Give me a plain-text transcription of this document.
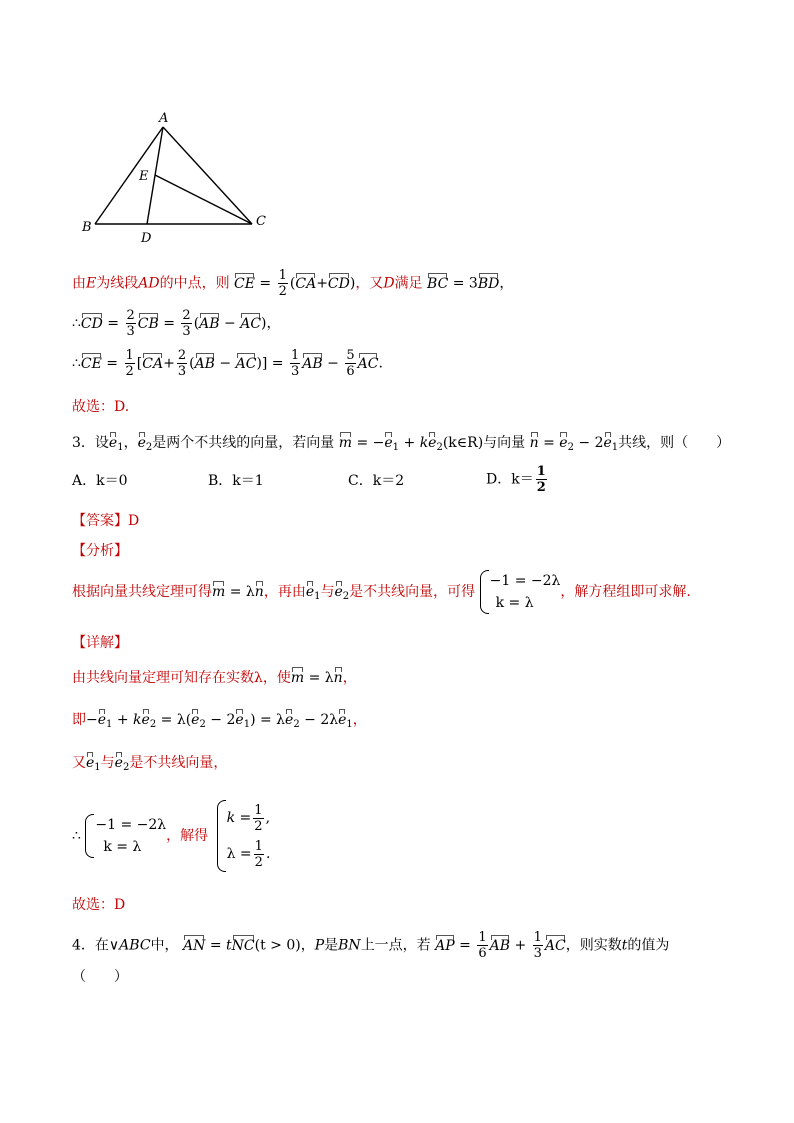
A
B	C
D
E
由E为线段AD的中点，则 CE = $\frac{1}{2} (CA+CD)$，又D满足 BC = 3BD，
∴CD = $\frac{2}{3}$ CB = $\frac{2}{3} (AB - AC)$，
∴CE = $\frac{1}{2} [CA+ \frac{2}{3} (AB - AC)] = \frac{1}{3}$ AB − $\frac{5}{6}$ AC.
故选：D.
3．设$e_1$，$e_2$是两个不共线的向量，若向量 $m = -e_1$ + $ke_2(k\in R)$与向量 $n = e_2 - 2e_1$共线，则（　　）
A．k＝0	B．k＝1	C．k＝2	D．$k= \frac{1}{2}$
【答案】D
【分析】
根据向量共线定理可得m = λn，再由$e_1$与$e_2$是不共线向量，可得
−1 = −2λ
k = λ
，解方程组即可求解.
【详解】
由共线向量定理可知存在实数λ，使m = λn，
即$-e_1 + ke_2 = \lambda(e_2 - 2e_1) = \lambda e_2 - 2\lambda e_1$，
又$e_1$与$e_2$是不共线向量，
∴
−1 = −2λ
k = λ
，解得
$k = \frac{1}{2}$ ,
$\lambda = \frac{1}{2}$ .
故选：D
4．在∨ABC中， AN = tNC(t > 0)，P是BN上一点，若 AP = $\frac{1}{6}$ AB + $\frac{1}{3}$ AC，则实数t的值为
（　　）
